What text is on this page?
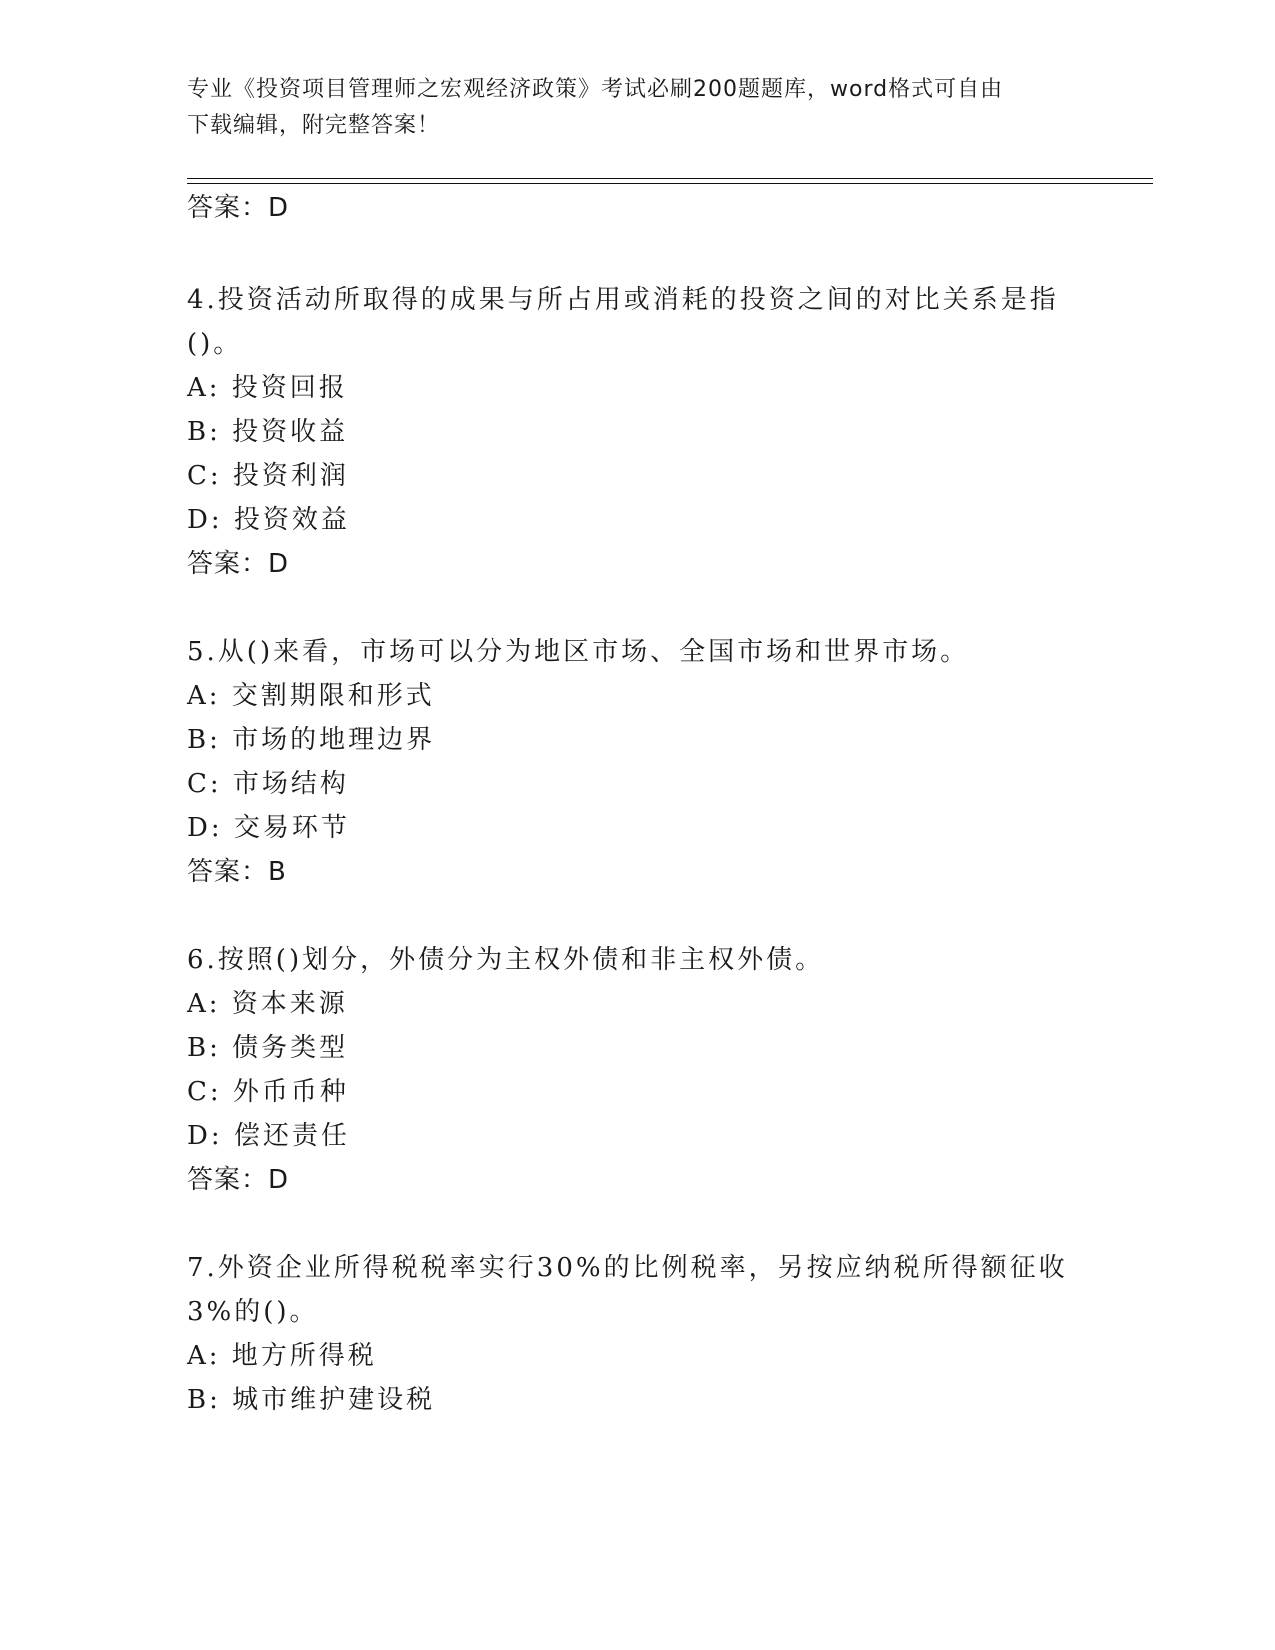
专业《投资项目管理师之宏观经济政策》考试必刷200题题库，word格式可自由
下载编辑，附完整答案！
答案：D
4.投资活动所取得的成果与所占用或消耗的投资之间的对比关系是指
()。
A: 投资回报
B: 投资收益
C: 投资利润
D: 投资效益
答案：D
5.从()来看，市场可以分为地区市场、全国市场和世界市场。
A: 交割期限和形式
B: 市场的地理边界
C: 市场结构
D: 交易环节
答案：B
6.按照()划分，外债分为主权外债和非主权外债。
A: 资本来源
B: 债务类型
C: 外币币种
D: 偿还责任
答案：D
7.外资企业所得税税率实行30%的比例税率，另按应纳税所得额征收
3%的()。
A: 地方所得税
B: 城市维护建设税
